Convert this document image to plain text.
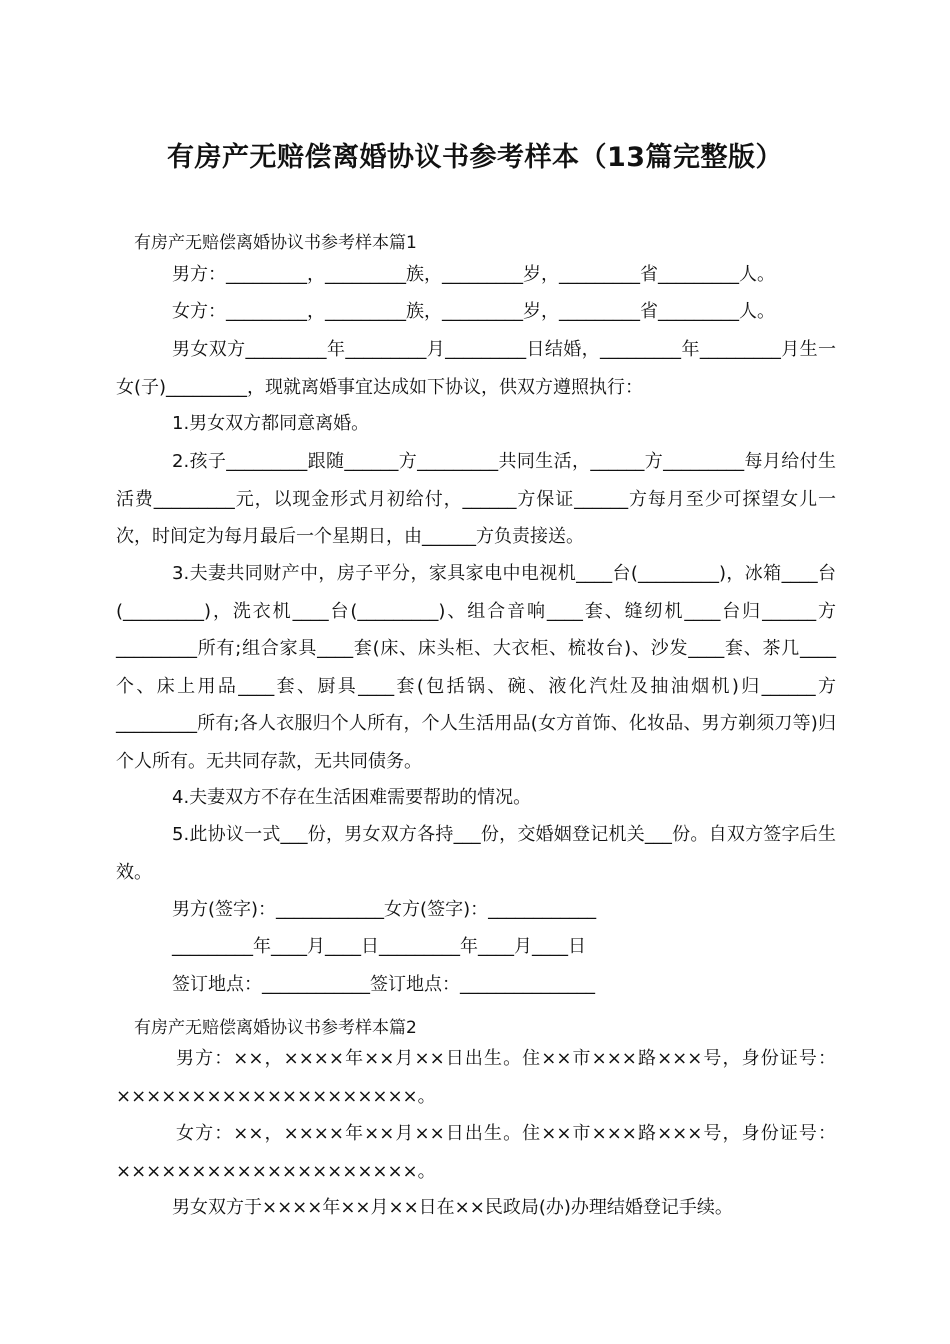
有房产无赔偿离婚协议书参考样本（13篇完整版）
有房产无赔偿离婚协议书参考样本篇1
男方：_________，_________族，_________岁，_________省_________人。
女方：_________，_________族，_________岁，_________省_________人。
男女双方_________年_________月_________日结婚，_________年_________月生一女(子)_________，现就离婚事宜达成如下协议，供双方遵照执行：
1.男女双方都同意离婚。
2.孩子_________跟随______方_________共同生活，______方_________每月给付生活费_________元，以现金形式月初给付，______方保证______方每月至少可探望女儿一次，时间定为每月最后一个星期日，由______方负责接送。
3.夫妻共同财产中，房子平分，家具家电中电视机____台(_________)，冰箱____台(_________)，洗衣机____台(_________)、组合音响____套、缝纫机____台归______方_________所有;组合家具____套(床、床头柜、大衣柜、梳妆台)、沙发____套、茶几____个、床上用品____套、厨具____套(包括锅、碗、液化汽灶及抽油烟机)归______方_________所有;各人衣服归个人所有，个人生活用品(女方首饰、化妆品、男方剃须刀等)归个人所有。无共同存款，无共同债务。
4.夫妻双方不存在生活困难需要帮助的情况。
5.此协议一式___份，男女双方各持___份，交婚姻登记机关___份。自双方签字后生效。
男方(签字)：____________女方(签字)：____________
_________年____月____日_________年____月____日
签订地点：____________签订地点：_______________
有房产无赔偿离婚协议书参考样本篇2
男方：××，××××年××月××日出生。住××市×××路×××号，身份证号：××××××××××××××××××××。
女方：××，××××年××月××日出生。住××市×××路×××号，身份证号：××××××××××××××××××××。
男女双方于××××年××月××日在××民政局(办)办理结婚登记手续。
